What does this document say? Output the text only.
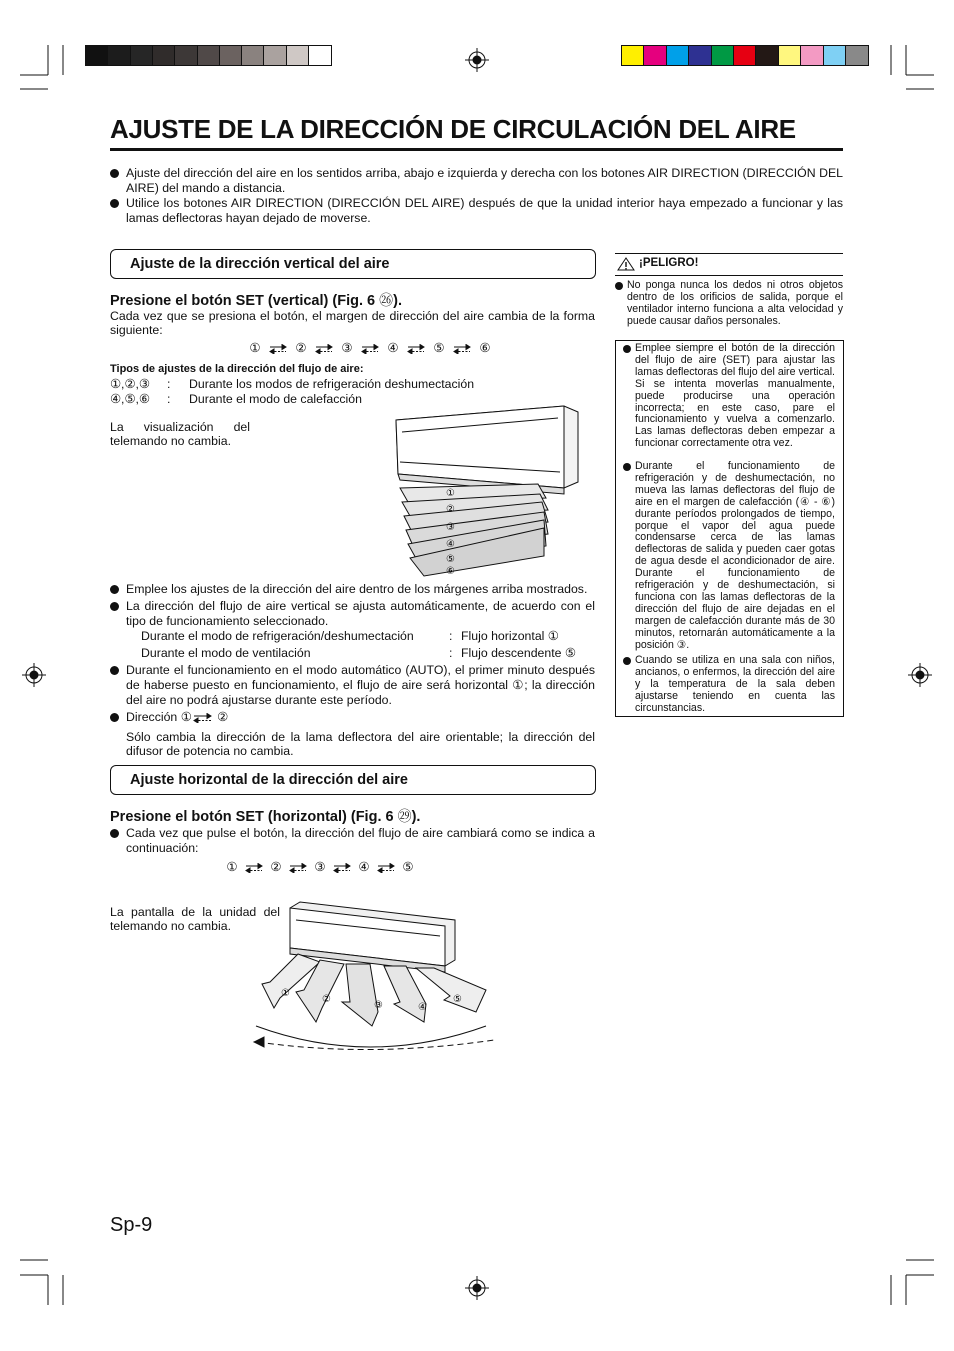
AJUSTE DE LA DIRECCIÓN DE CIRCULACIÓN DEL AIRE
Ajuste del dirección del aire en los sentidos arriba, abajo e izquierda y derecha con los botones AIR DIRECTION (DIRECCIÓN DEL AIRE) del mando a distancia.
Utilice los botones AIR DIRECTION (DIRECCIÓN DEL AIRE) después de que la unidad interior haya empezado a funcionar y las lamas deflectoras hayan dejado de moverse.
Ajuste de la dirección vertical del aire
Presione el botón SET (vertical) (Fig. 6 ㉖).
Cada vez que se presiona el botón, el margen de dirección del aire cambia de la forma siguiente:
①	②	③	④	⑤	⑥
Tipos de ajustes de la dirección del flujo de aire:
①,②,③ : Durante los modos de refrigeración deshumectación
④,⑤,⑥ : Durante el modo de calefacción
La visualización del telemando no cambia.
①
②
③
④
⑤
⑥
Emplee los ajustes de la dirección del aire dentro de los márgenes arriba mostrados.
La dirección del flujo de aire vertical se ajusta automáticamente, de acuerdo con el tipo de funcionamiento seleccionado.
Durante el modo de refrigeración/deshumectación	: Flujo horizontal ①
Durante el modo de ventilación	: Flujo descendente ⑤
Durante el funcionamiento en el modo automático (AUTO), el primer minuto después de haberse puesto en funcionamiento, el flujo de aire será horizontal ①; la dirección del aire no podrá ajustarse durante este período.
Dirección ① ②
Sólo cambia la dirección de la lama deflectora del aire orientable; la dirección del difusor de potencia no cambia.
Ajuste horizontal de la dirección del aire
Presione el botón SET (horizontal) (Fig. 6 ㉙).
Cada vez que pulse el botón, la dirección del flujo de aire cambiará como se indica a continuación:
①	②	③	④	⑤
La pantalla de la unidad del telemando no cambia.
①
②
③	④
⑤
¡PELIGRO!
No ponga nunca los dedos ni otros objetos dentro de los orificios de salida, porque el ventilador interno funciona a alta velocidad y puede causar daños personales.
Emplee siempre el botón de la dirección del flujo de aire (SET) para ajustar las lamas deflectoras del flujo del aire vertical. Si se intenta moverlas manualmente, puede producirse una operación incorrecta; en este caso, pare el funcionamiento y vuelva a comenzarlo. Las lamas deflectoras deben empezar a funcionar correctamente otra vez.
Durante el funcionamiento de refrigeración y de deshumectación, no mueva las lamas deflectoras del flujo de aire en el margen de calefacción (④ - ⑥) durante períodos prolongados de tiempo, porque el vapor del agua puede condensarse cerca de las lamas deflectoras de salida y pueden caer gotas de agua desde el acondicionador de aire. Durante el funcionamiento de refrigeración y de deshumectación, si funciona con las lamas deflectoras de la dirección del flujo de aire dejadas en el margen de calefacción durante más de 30 minutos, retornarán automáticamente a la posición ③.
Cuando se utiliza en una sala con niños, ancianos, o enfermos, la dirección del aire y la temperatura de la sala deben ajustarse teniendo en cuenta las circunstancias.
Sp-9
